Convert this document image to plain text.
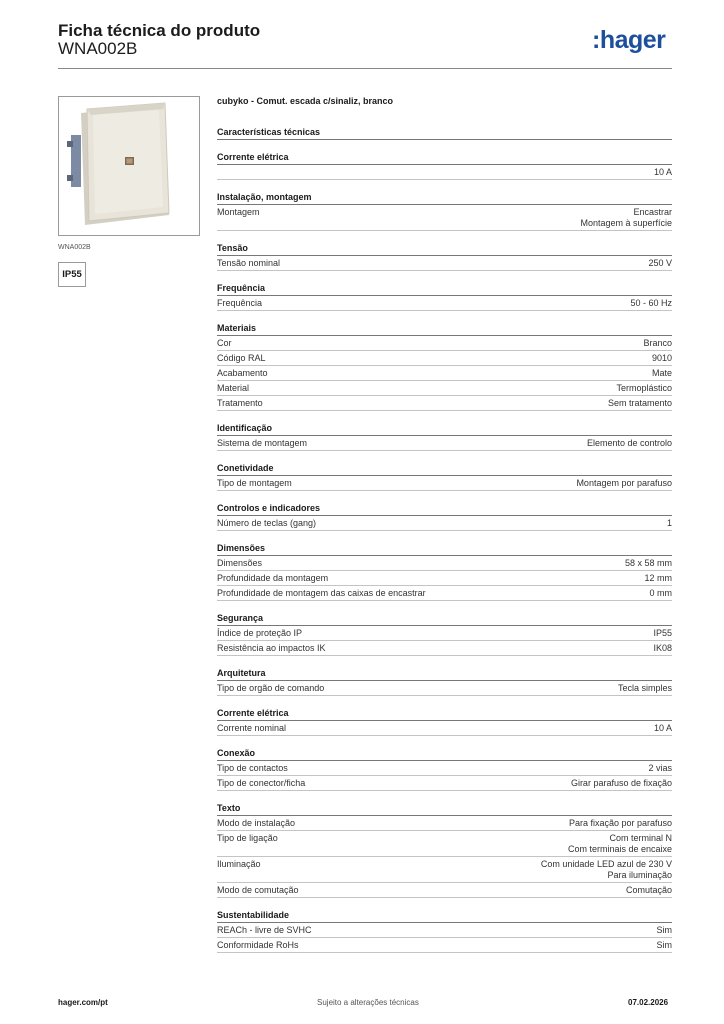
Ficha técnica do produto
WNA002B	:hager
WNA002B
IP55
cubyko - Comut. escada c/sinaliz, branco
Características técnicas
Corrente elétrica
10 A
Instalação, montagem
Montagem	Encastrar
Montagem à superfície
Tensão
Tensão nominal	250 V
Frequência
Frequência	50 - 60 Hz
Materiais
Cor	Branco
Código RAL	9010
Acabamento	Mate
Material	Termoplástico
Tratamento	Sem tratamento
Identificação
Sistema de montagem	Elemento de controlo
Conetividade
Tipo de montagem	Montagem por parafuso
Controlos e indicadores
Número de teclas (gang)	1
Dimensões
Dimensões	58 x 58 mm
Profundidade da montagem	12 mm
Profundidade de montagem das caixas de encastrar	0 mm
Segurança
Índice de proteção IP	IP55
Resistência ao impactos IK	IK08
Arquitetura
Tipo de orgão de comando	Tecla simples
Corrente elétrica
Corrente nominal	10 A
Conexão
Tipo de contactos	2 vias
Tipo de conector/ficha	Girar parafuso de fixação
Texto
Modo de instalação	Para fixação por parafuso
Tipo de ligação	Com terminal N
Com terminais de encaixe
Iluminação	Com unidade LED azul de 230 V
Para iluminação
Modo de comutação	Comutação
Sustentabilidade
REACh - livre de SVHC	Sim
Conformidade RoHs	Sim
hager.com/pt	Sujeito a alterações técnicas	07.02.2026
